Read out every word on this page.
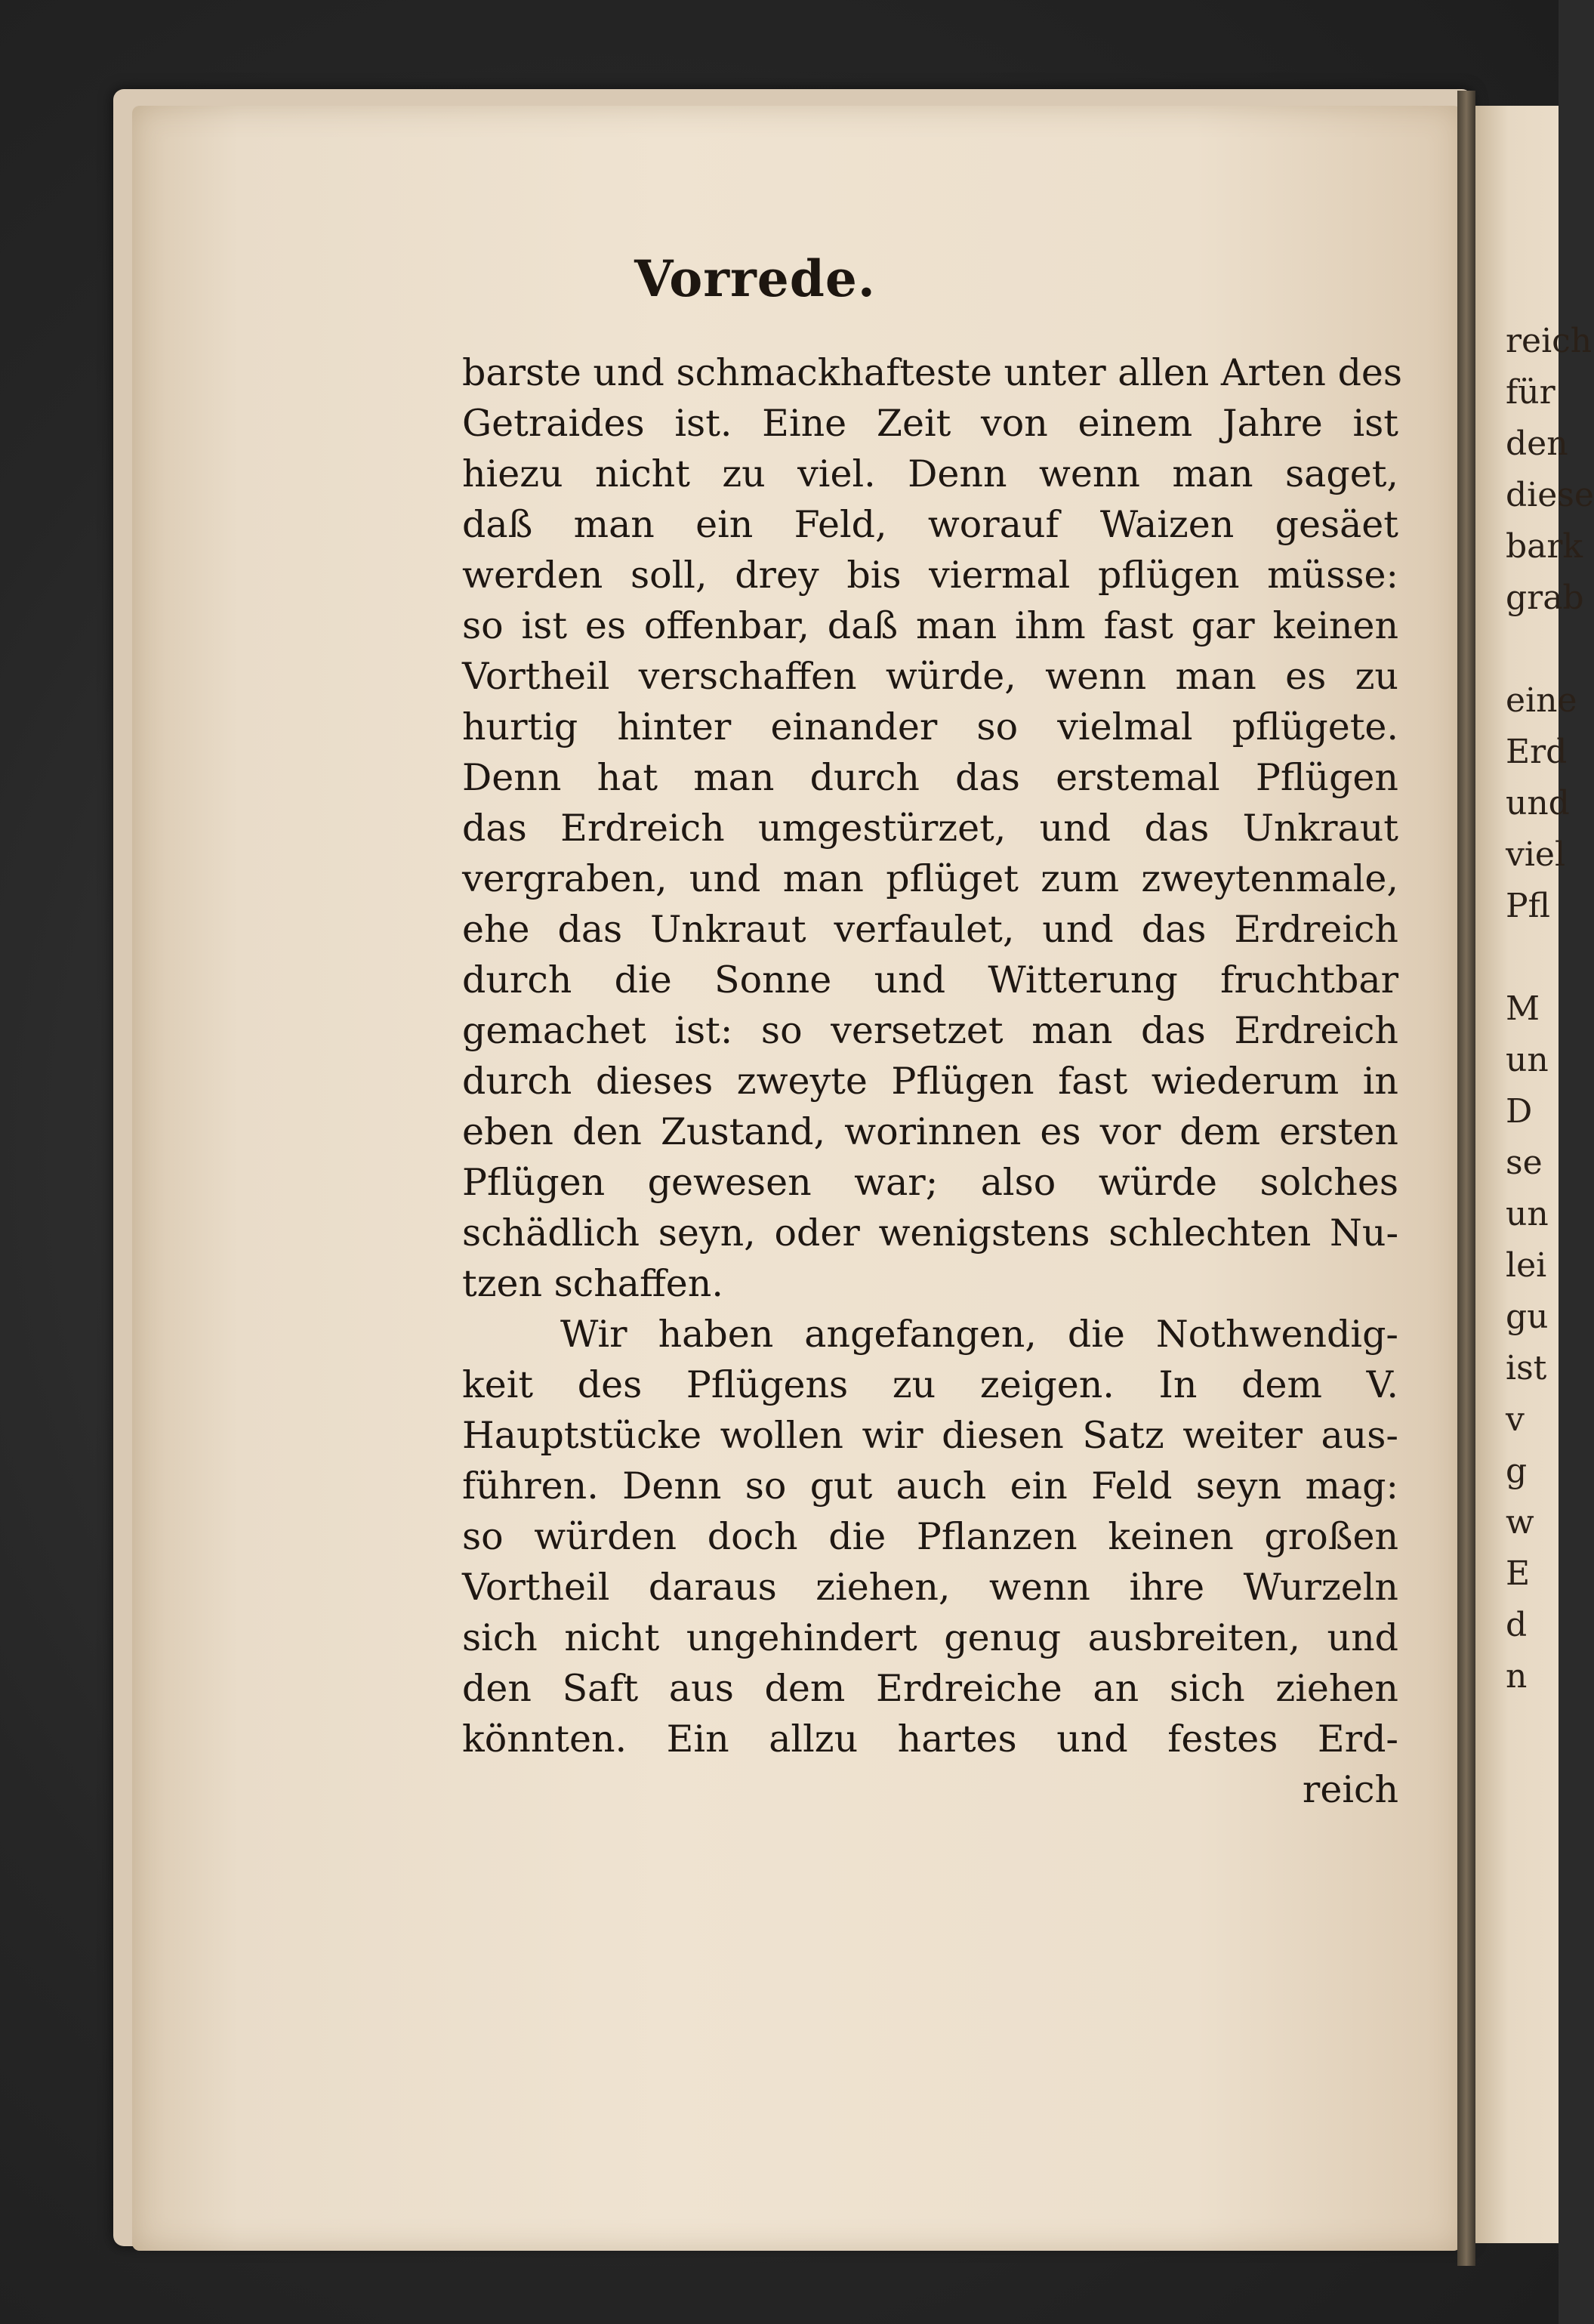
reich
für
den
diese
bark
grab
eine
Erd
und
viel
Pfl
M
un
D
se
un
lei
gu
ist
v
g
w
E
d
n
Vorrede.
barste und schmackhafteste unter allen Arten des
Getraides ist. Eine Zeit von einem Jahre ist
hiezu nicht zu viel. Denn wenn man saget,
daß man ein Feld, worauf Waizen gesäet
werden soll, drey bis viermal pflügen müsse:
so ist es offenbar, daß man ihm fast gar keinen
Vortheil verschaffen würde, wenn man es zu
hurtig hinter einander so vielmal pflügete.
Denn hat man durch das erstemal Pflügen
das Erdreich umgestürzet, und das Unkraut
vergraben, und man pflüget zum zweytenmale,
ehe das Unkraut verfaulet, und das Erdreich
durch die Sonne und Witterung fruchtbar
gemachet ist: so versetzet man das Erdreich
durch dieses zweyte Pflügen fast wiederum in
eben den Zustand, worinnen es vor dem ersten
Pflügen gewesen war; also würde solches
schädlich seyn, oder wenigstens schlechten Nu-
tzen schaffen.
Wir haben angefangen, die Nothwendig-
keit des Pflügens zu zeigen. In dem V.
Hauptstücke wollen wir diesen Satz weiter aus-
führen. Denn so gut auch ein Feld seyn mag:
so würden doch die Pflanzen keinen großen
Vortheil daraus ziehen, wenn ihre Wurzeln
sich nicht ungehindert genug ausbreiten, und
den Saft aus dem Erdreiche an sich ziehen
könnten. Ein allzu hartes und festes Erd-
reich
